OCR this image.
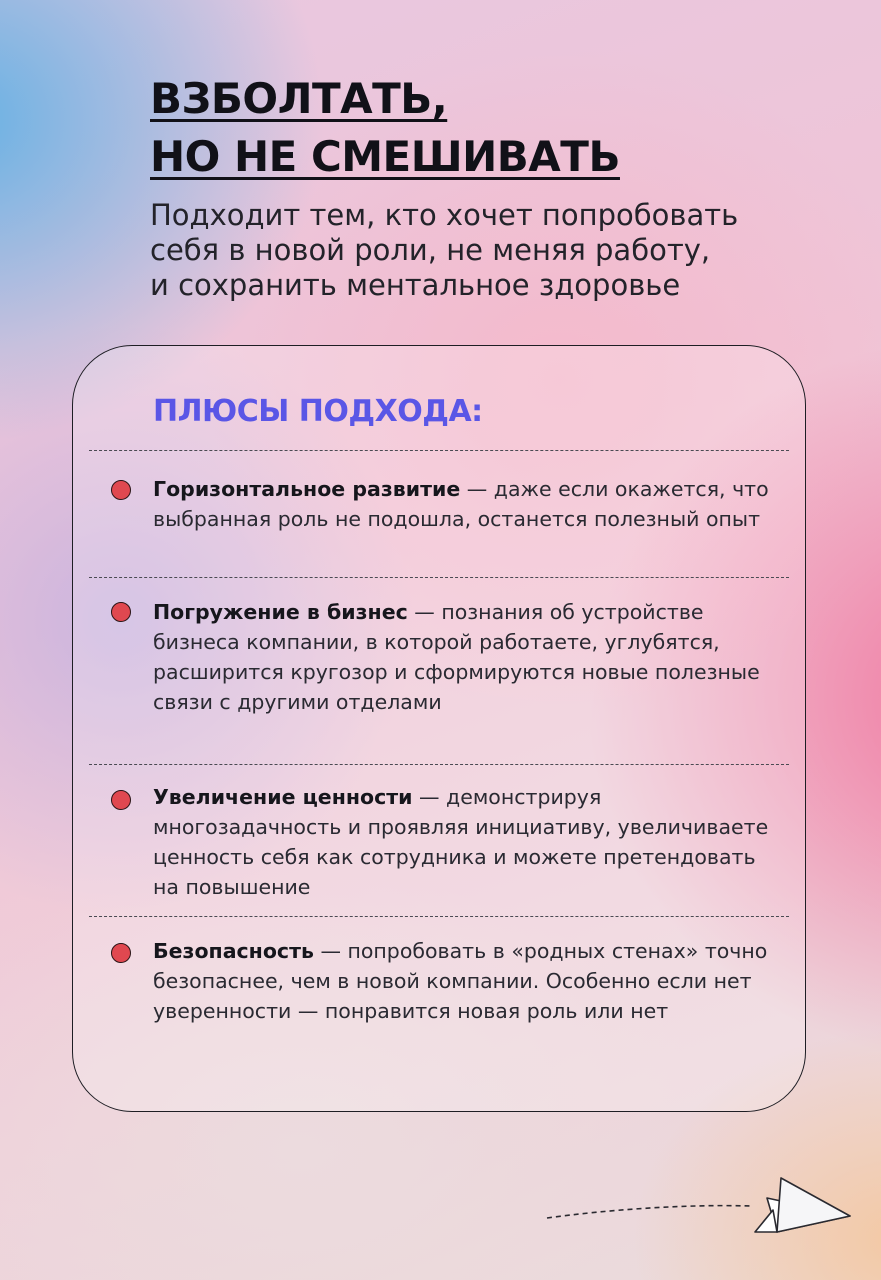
ВЗБОЛТАТЬ,
НО НЕ СМЕШИВАТЬ

Подходит тем, кто хочет попробовать
себя в новой роли, не меняя работу,
и сохранить ментальное здоровье

ПЛЮСЫ ПОДХОДА:
Горизонтальное развитие — даже если окажется, что выбранная роль не подошла, останется полезный опыт
Погружение в бизнес — познания об устройстве бизнеса компании, в которой работаете, углубятся, расширится кругозор и сформируются новые полезные связи с другими отделами
Увеличение ценности — демонстрируя многозадачность и проявляя инициативу, увеличиваете ценность себя как сотрудника и можете претендовать на повышение
Безопасность — попробовать в «родных стенах» точно безопаснее, чем в новой компании. Особенно если нет уверенности — понравится новая роль или нет
